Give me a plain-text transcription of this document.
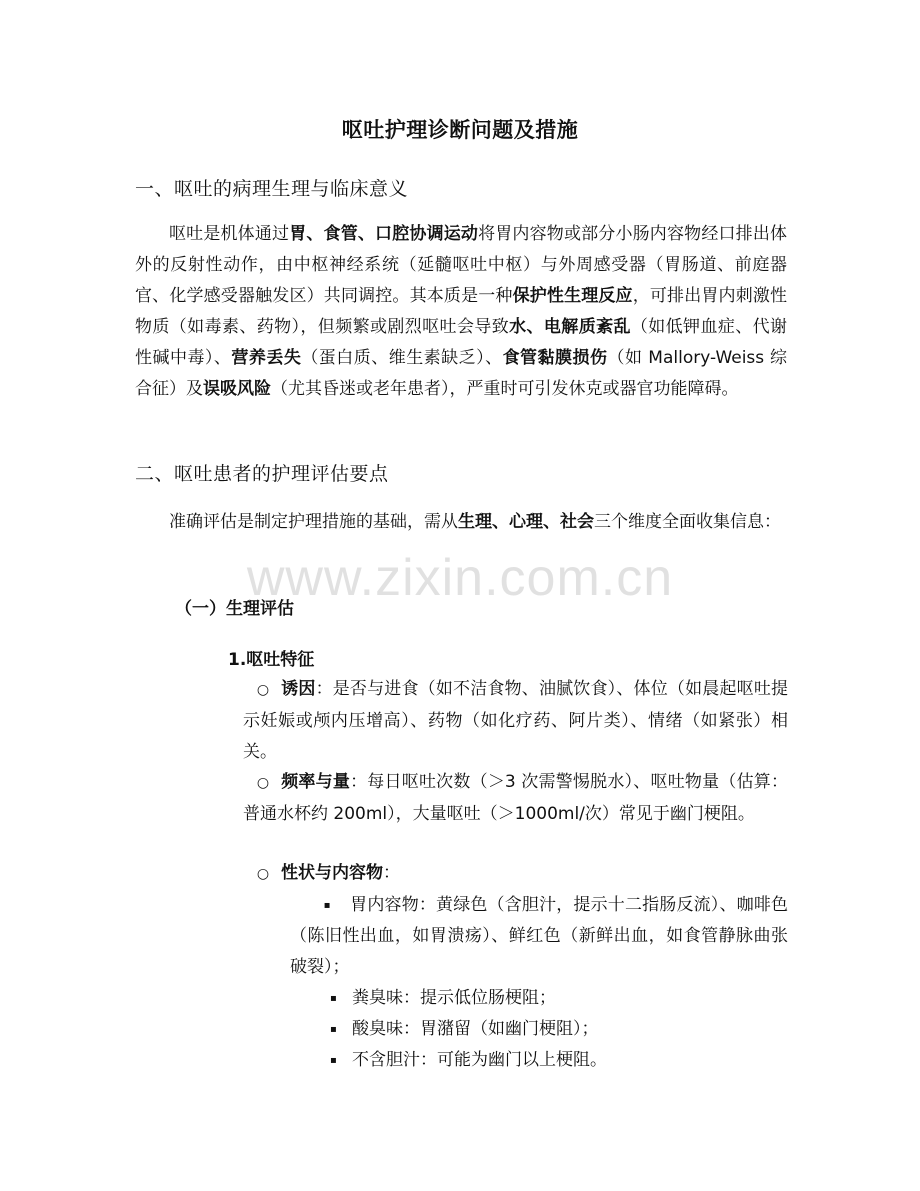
www.zixin.com.cn
呕吐护理诊断问题及措施
一、呕吐的病理生理与临床意义

呕吐是机体通过胃、食管、口腔协调运动将胃内容物或部分小肠内容物经口排出体外的反射性动作，由中枢神经系统（延髓呕吐中枢）与外周感受器（胃肠道、前庭器官、化学感受器触发区）共同调控。其本质是一种保护性生理反应，可排出胃内刺激性物质（如毒素、药物），但频繁或剧烈呕吐会导致水、电解质紊乱（如低钾血症、代谢性碱中毒）、营养丢失（蛋白质、维生素缺乏）、食管黏膜损伤（如 Mallory-Weiss 综合征）及误吸风险（尤其昏迷或老年患者），严重时可引发休克或器官功能障碍。

二、呕吐患者的护理评估要点

准确评估是制定护理措施的基础，需从生理、心理、社会三个维度全面收集信息：

（一）生理评估
1.呕吐特征

○ 诱因：是否与进食（如不洁食物、油腻饮食）、体位（如晨起呕吐提示妊娠或颅内压增高）、药物（如化疗药、阿片类）、情绪（如紧张）相关。

○ 频率与量：每日呕吐次数（＞3 次需警惕脱水）、呕吐物量（估算：普通水杯约 200ml），大量呕吐（＞1000ml/次）常见于幽门梗阻。

○ 性状与内容物：

▪ 胃内容物：黄绿色（含胆汁，提示十二指肠反流）、咖啡色（陈旧性出血，如胃溃疡）、鲜红色（新鲜出血，如食管静脉曲张破裂）；

▪ 粪臭味：提示低位肠梗阻；

▪ 酸臭味：胃潴留（如幽门梗阻）；

▪ 不含胆汁：可能为幽门以上梗阻。
